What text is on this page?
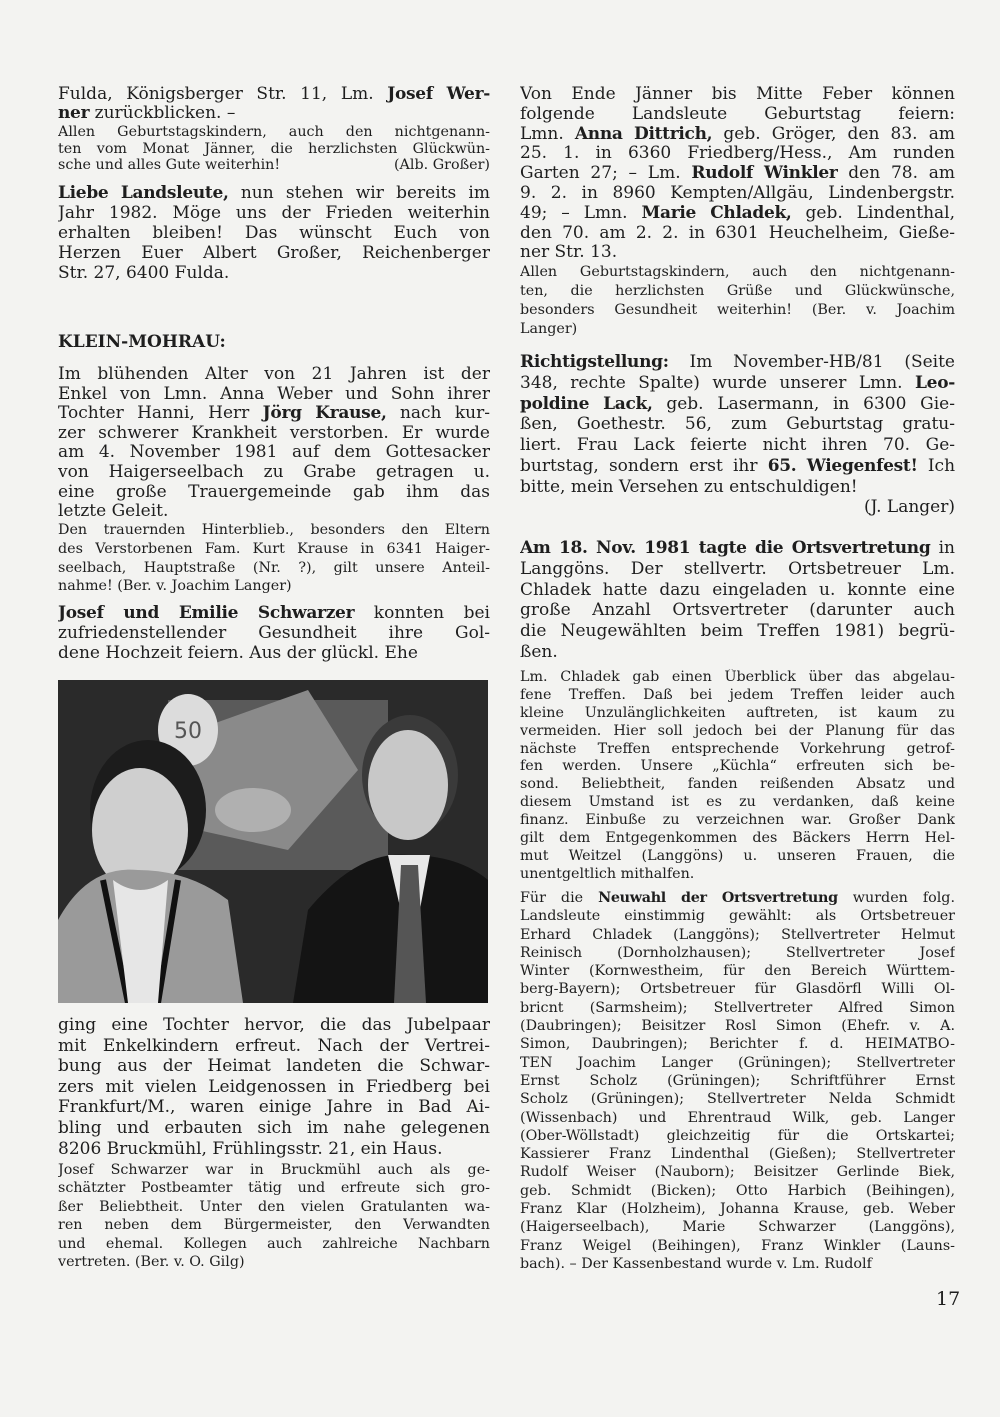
Fulda, Königsberger Str. 11, Lm. Josef Wer-
ner zurückblicken. –
Allen Geburtstagskindern, auch den nichtgenann-
ten vom Monat Jänner, die herzlichsten Glückwün-
(Alb. Großer)
sche und alles Gute weiterhin!
Liebe Landsleute, nun stehen wir bereits im
Jahr 1982. Möge uns der Frieden weiterhin
erhalten bleiben! Das wünscht Euch von
Herzen Euer Albert Großer, Reichenberger
Str. 27, 6400 Fulda.
KLEIN-MOHRAU:
Im blühenden Alter von 21 Jahren ist der
Enkel von Lmn. Anna Weber und Sohn ihrer
Tochter Hanni, Herr Jörg Krause, nach kur-
zer schwerer Krankheit verstorben. Er wurde
am 4. November 1981 auf dem Gottesacker
von Haigerseelbach zu Grabe getragen u.
eine große Trauergemeinde gab ihm das
letzte Geleit.
Den trauernden Hinterblieb., besonders den Eltern
des Verstorbenen Fam. Kurt Krause in 6341 Haiger-
seelbach, Hauptstraße (Nr. ?), gilt unsere Anteil-
nahme! (Ber. v. Joachim Langer)
Josef und Emilie Schwarzer konnten bei
zufriedenstellender Gesundheit ihre Gol-
dene Hochzeit feiern. Aus der glückl. Ehe
50
ging eine Tochter hervor, die das Jubelpaar
mit Enkelkindern erfreut. Nach der Vertrei-
bung aus der Heimat landeten die Schwar-
zers mit vielen Leidgenossen in Friedberg bei
Frankfurt/M., waren einige Jahre in Bad Ai-
bling und erbauten sich im nahe gelegenen
8206 Bruckmühl, Frühlingsstr. 21, ein Haus.
Josef Schwarzer war in Bruckmühl auch als ge-
schätzter Postbeamter tätig und erfreute sich gro-
ßer Beliebtheit. Unter den vielen Gratulanten wa-
ren neben dem Bürgermeister, den Verwandten
und ehemal. Kollegen auch zahlreiche Nachbarn
vertreten. (Ber. v. O. Gilg)
Von Ende Jänner bis Mitte Feber können
folgende Landsleute Geburtstag feiern:
Lmn. Anna Dittrich, geb. Gröger, den 83. am
25. 1. in 6360 Friedberg/Hess., Am runden
Garten 27; – Lm. Rudolf Winkler den 78. am
9. 2. in 8960 Kempten/Allgäu, Lindenbergstr.
49; – Lmn. Marie Chladek, geb. Lindenthal,
den 70. am 2. 2. in 6301 Heuchelheim, Gieße-
ner Str. 13.
Allen Geburtstagskindern, auch den nichtgenann-
ten, die herzlichsten Grüße und Glückwünsche,
besonders Gesundheit weiterhin! (Ber. v. Joachim
Langer)
Richtigstellung: Im November-HB/81 (Seite
348, rechte Spalte) wurde unserer Lmn. Leo-
poldine Lack, geb. Lasermann, in 6300 Gie-
ßen, Goethestr. 56, zum Geburtstag gratu-
liert. Frau Lack feierte nicht ihren 70. Ge-
burtstag, sondern erst ihr 65. Wiegenfest! Ich
bitte, mein Versehen zu entschuldigen!
(J. Langer)
Am 18. Nov. 1981 tagte die Ortsvertretung in
Langgöns. Der stellvertr. Ortsbetreuer Lm.
Chladek hatte dazu eingeladen u. konnte eine
große Anzahl Ortsvertreter (darunter auch
die Neugewählten beim Treffen 1981) begrü-
ßen.
Lm. Chladek gab einen Überblick über das abgelau-
fene Treffen. Daß bei jedem Treffen leider auch
kleine Unzulänglichkeiten auftreten, ist kaum zu
vermeiden. Hier soll jedoch bei der Planung für das
nächste Treffen entsprechende Vorkehrung getrof-
fen werden. Unsere „Küchla“ erfreuten sich be-
sond. Beliebtheit, fanden reißenden Absatz und
diesem Umstand ist es zu verdanken, daß keine
finanz. Einbuße zu verzeichnen war. Großer Dank
gilt dem Entgegenkommen des Bäckers Herrn Hel-
mut Weitzel (Langgöns) u. unseren Frauen, die
unentgeltlich mithalfen.
Für die Neuwahl der Ortsvertretung wurden folg.
Landsleute einstimmig gewählt: als Ortsbetreuer
Erhard Chladek (Langgöns); Stellvertreter Helmut
Reinisch (Dornholzhausen); Stellvertreter Josef
Winter (Kornwestheim, für den Bereich Württem-
berg-Bayern); Ortsbetreuer für Glasdörfl Willi Ol-
bricnt (Sarmsheim); Stellvertreter Alfred Simon
(Daubringen); Beisitzer Rosl Simon (Ehefr. v. A.
Simon, Daubringen); Berichter f. d. HEIMATBO-
TEN Joachim Langer (Grüningen); Stellvertreter
Ernst Scholz (Grüningen); Schriftführer Ernst
Scholz (Grüningen); Stellvertreter Nelda Schmidt
(Wissenbach) und Ehrentraud Wilk, geb. Langer
(Ober-Wöllstadt) gleichzeitig für die Ortskartei;
Kassierer Franz Lindenthal (Gießen); Stellvertreter
Rudolf Weiser (Nauborn); Beisitzer Gerlinde Biek,
geb. Schmidt (Bicken); Otto Harbich (Beihingen),
Franz Klar (Holzheim), Johanna Krause, geb. Weber
(Haigerseelbach), Marie Schwarzer (Langgöns),
Franz Weigel (Beihingen), Franz Winkler (Launs-
bach). – Der Kassenbestand wurde v. Lm. Rudolf
17
